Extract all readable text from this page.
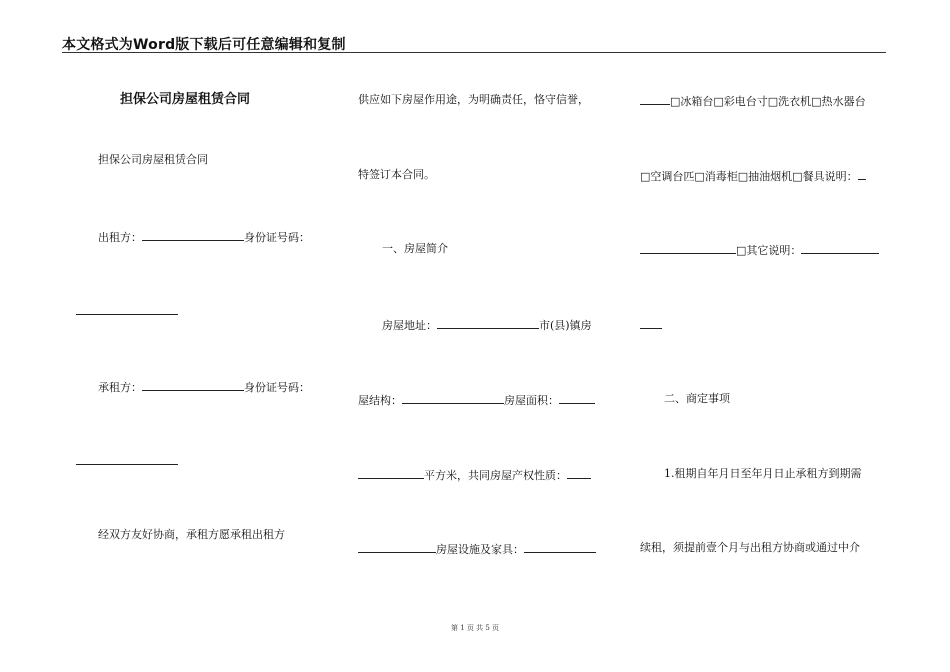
本文格式为Word版下载后可任意编辑和复制
担保公司房屋租赁合同
担保公司房屋租赁合同
出租方：	身份证号码：
承租方：	身份证号码：
经双方友好协商，承租方愿承租出租方
供应如下房屋作用途，为明确责任，恪守信誉，
特签订本合同。
一、房屋简介
房屋地址：	市(县)镇房
屋结构：	房屋面积：
平方米，共同房屋产权性质：
房屋设施及家具：
□冰箱台□彩电台寸□洗衣机□热水器台
□空调台匹□消毒柜□抽油烟机□餐具说明：
□其它说明：
二、商定事项
1.租期自年月日至年月日止承租方到期需
续租，须提前壹个月与出租方协商或通过中介
第 1 页 共 5 页
